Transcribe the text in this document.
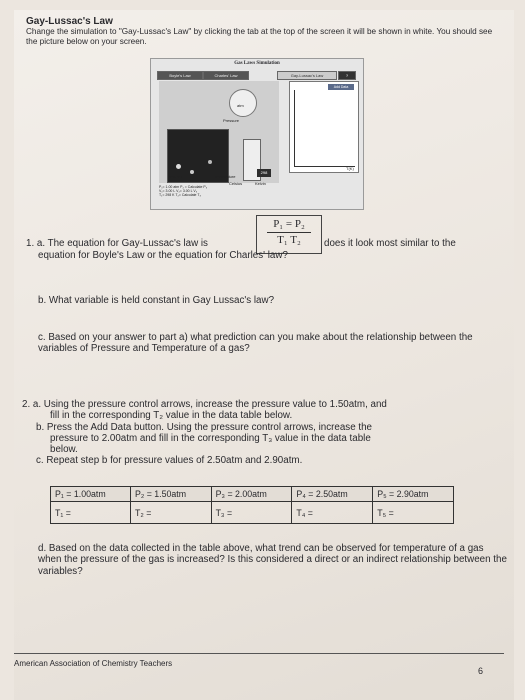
Gay-Lussac's Law
Change the simulation to "Gay-Lussac's Law" by clicking the tab at the top of the screen it will be shown in white. You should see the picture below on your screen.
Gas Laws Simulation
Boyle's Law	Charles' Law	Gay-Lussac's Law	?
atm
Pressure
298
Celsius	Kelvin
Volume	Temperature
Add Data
T(K)
P₁= 1.00 atm P₂ = Calculate P₃
V₁= 3.00 L V₂= 3.00 L V₃
T₁= 298 K T₂= Calculate T₃
P₁ = P₂
T₁ T₂
1. a. The equation for Gay-Lussac's law is	does it look most similar to the
equation for Boyle's Law or the equation for Charles' law?
b. What variable is held constant in Gay Lussac's law?
c. Based on your answer to part a) what prediction can you make about the relationship between the variables of Pressure and Temperature of a gas?
2. a. Using the pressure control arrows, increase the pressure value to 1.50atm, and
fill in the corresponding T₂ value in the data table below.
b. Press the Add Data button. Using the pressure control arrows, increase the
pressure to 2.00atm and fill in the corresponding T₃ value in the data table
below.
c. Repeat step b for pressure values of 2.50atm and 2.90atm.
P₁ = 1.00atm	P₂ = 1.50atm	P₃ = 2.00atm	P₄ = 2.50atm	P₅ = 2.90atm
T₁ =	T₂ =	T₃ =	T₄ =	T₅ =
d. Based on the data collected in the table above, what trend can be observed for temperature of a gas when the pressure of the gas is increased? Is this considered a direct or an indirect relationship between the variables?
American Association of Chemistry Teachers
6
